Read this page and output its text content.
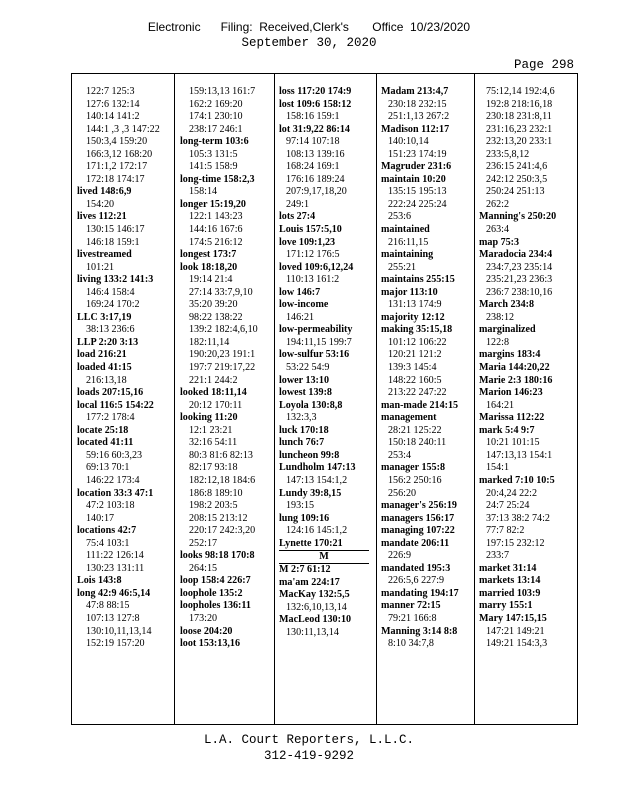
Electronic      Filing:  Received,Clerk's       Office  10/23/2020
September 30, 2020
Page 298
122:7 125:3
127:6 132:14
140:14 141:2
144:1 ,3 ,3 147:22
150:3,4 159:20
166:3,12 168:20
171:1,2 172:17
172:18 174:17
lived 148:6,9
154:20
lives 112:21
130:15 146:17
146:18 159:1
livestreamed
101:21
living 133:2 141:3
146:4 158:4
169:24 170:2
LLC 3:17,19
38:13 236:6
LLP 2:20 3:13
load 216:21
loaded 41:15
216:13,18
loads 207:15,16
local 116:5 154:22
177:2 178:4
locate 25:18
located 41:11
59:16 60:3,23
69:13 70:1
146:22 173:4
location 33:3 47:1
47:2 103:18
140:17
locations 42:7
75:4 103:1
111:22 126:14
130:23 131:11
Lois 143:8
long 42:9 46:5,14
47:8 88:15
107:13 127:8
130:10,11,13,14
152:19 157:20
159:13,13 161:7
162:2 169:20
174:1 230:10
238:17 246:1
long-term 103:6
105:3 131:5
141:5 158:9
long-time 158:2,3
158:14
longer 15:19,20
122:1 143:23
144:16 167:6
174:5 216:12
longest 173:7
look 18:18,20
19:14 21:4
27:14 33:7,9,10
35:20 39:20
98:22 138:22
139:2 182:4,6,10
182:11,14
190:20,23 191:1
197:7 219:17,22
221:1 244:2
looked 18:11,14
20:12 170:11
looking 11:20
12:1 23:21
32:16 54:11
80:3 81:6 82:13
82:17 93:18
182:12,18 184:6
186:8 189:10
198:2 203:5
208:15 213:12
220:17 242:3,20
252:17
looks 98:18 170:8
264:15
loop 158:4 226:7
loophole 135:2
loopholes 136:11
173:20
loose 204:20
loot 153:13,16
loss 117:20 174:9
lost 109:6 158:12
158:16 159:1
lot 31:9,22 86:14
97:14 107:18
108:13 139:16
168:24 169:1
176:16 189:24
207:9,17,18,20
249:1
lots 27:4
Louis 157:5,10
love 109:1,23
171:12 176:5
loved 109:6,12,24
110:13 161:2
low 146:7
low-income
146:21
low-permeability
194:11,15 199:7
low-sulfur 53:16
53:22 54:9
lower 13:10
lowest 139:8
Loyola 130:8,8
132:3,3
luck 170:18
lunch 76:7
luncheon 99:8
Lundholm 147:13
147:13 154:1,2
Lundy 39:8,15
193:15
lung 109:16
124:16 145:1,2
Lynette 170:21
M
M 2:7 61:12
ma'am 224:17
MacKay 132:5,5
132:6,10,13,14
MacLeod 130:10
130:11,13,14
Madam 213:4,7
230:18 232:15
251:1,13 267:2
Madison 112:17
140:10,14
151:23 174:19
Magruder 231:6
maintain 10:20
135:15 195:13
222:24 225:24
253:6
maintained
216:11,15
maintaining
255:21
maintains 255:15
major 113:10
131:13 174:9
majority 12:12
making 35:15,18
101:12 106:22
120:21 121:2
139:3 145:4
148:22 160:5
213:22 247:22
man-made 214:15
management
28:21 125:22
150:18 240:11
253:4
manager 155:8
156:2 250:16
256:20
manager's 256:19
managers 156:17
managing 107:22
mandate 206:11
226:9
mandated 195:3
226:5,6 227:9
mandating 194:17
manner 72:15
79:21 166:8
Manning 3:14 8:8
8:10 34:7,8
75:12,14 192:4,6
192:8 218:16,18
230:18 231:8,11
231:16,23 232:1
232:13,20 233:1
233:5,8,12
236:15 241:4,6
242:12 250:3,5
250:24 251:13
262:2
Manning's 250:20
263:4
map 75:3
Maradocia 234:4
234:7,23 235:14
235:21,23 236:3
236:7 238:10,16
March 234:8
238:12
marginalized
122:8
margins 183:4
Maria 144:20,22
Marie 2:3 180:16
Marion 146:23
164:21
Marissa 112:22
mark 5:4 9:7
10:21 101:15
147:13,13 154:1
154:1
marked 7:10 10:5
20:4,24 22:2
24:7 25:24
37:13 38:2 74:2
77:7 82:2
197:15 232:12
233:7
market 31:14
markets 13:14
married 103:9
marry 155:1
Mary 147:15,15
147:21 149:21
149:21 154:3,3
L.A. Court Reporters, L.L.C.
312-419-9292
